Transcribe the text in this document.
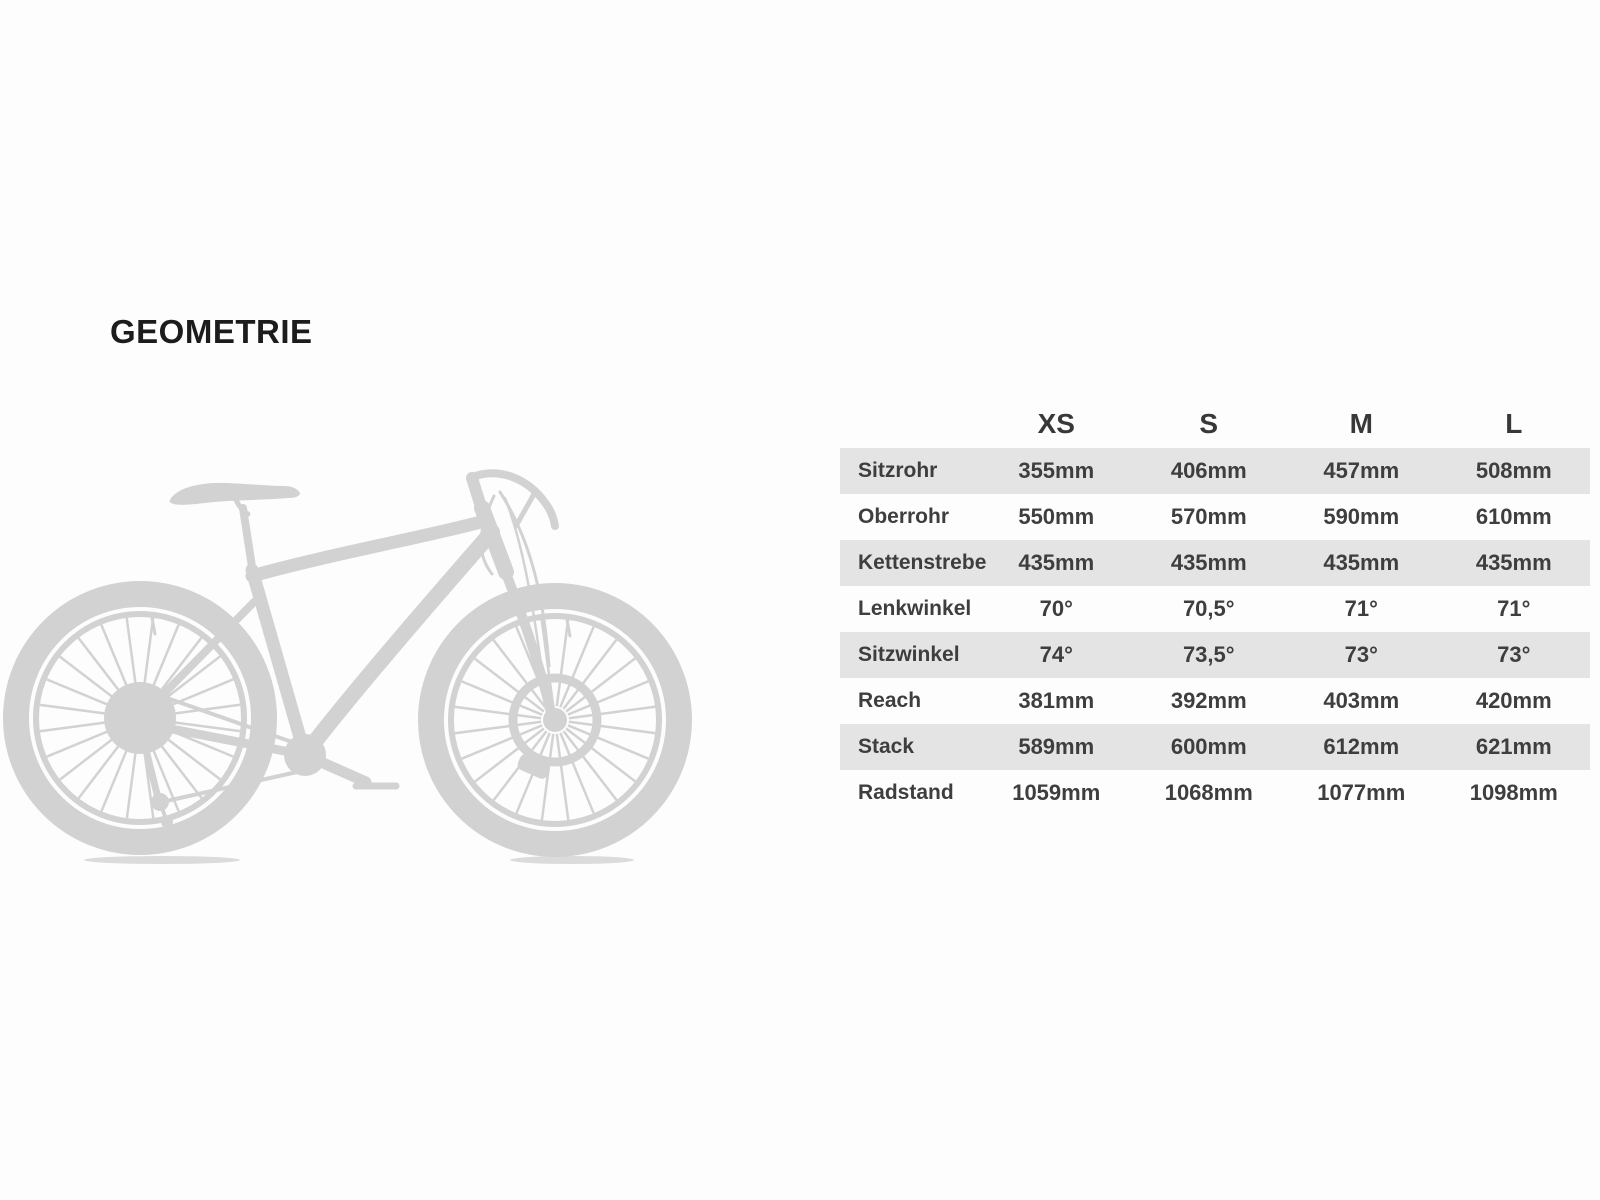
GEOMETRIE
XS	S	M	L
Sitzrohr	355mm	406mm	457mm	508mm
Oberrohr	550mm	570mm	590mm	610mm
Kettenstrebe	435mm	435mm	435mm	435mm
Lenkwinkel	70°	70,5°	71°	71°
Sitzwinkel	74°	73,5°	73°	73°
Reach	381mm	392mm	403mm	420mm
Stack	589mm	600mm	612mm	621mm
Radstand	1059mm	1068mm	1077mm	1098mm
